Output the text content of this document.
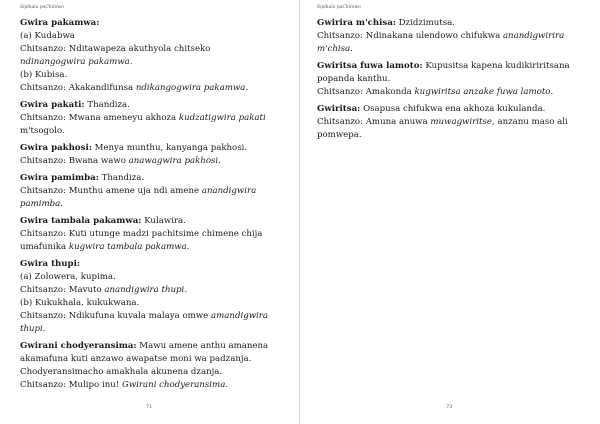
Sipikala paChilowo

Gwira pakamwa:

(a) Kudabwa

Chitsanzo: Nditawapeza akuthyola chitseko

ndinangogwira pakamwa.

(b) Kubisa.

Chitsanzo: Akakandifunsa ndikangogwira pakamwa.

Gwira pakati: Thandiza.

Chitsanzo: Mwana ameneyu akhoza kudzatigwira pakati

m'tsogolo.

Gwira pakhosi: Menya munthu, kanyanga pakhosi.

Chitsanzo: Bwana wawo anawagwira pakhosi.

Gwira pamimba: Thandiza.

Chitsanzo: Munthu amene uja ndi amene anandigwira

pamimba.

Gwira tambala pakamwa: Kulawira.

Chitsanzo: Kuti utunge madzi pachitsime chimene chija

umafunika kugwira tambala pakamwa.

Gwira thupi:

(a) Zolowera, kupima.

Chitsanzo: Mavuto anandigwira thupi.

(b) Kukukhala, kukukwana.

Chitsanzo: Ndikufuna kuvala malaya omwe amandigwira

thupi.

Gwirani chodyeransima: Mawu amene anthu amanena

akamafuna kuti anzawo awapatse moni wa padzanja.

Chodyeransimacho amakhala akunena dzanja.

Chitsanzo: Mulipo inu! Gwirani chodyeransima.

71
Sipikala paChilowo

Gwirira m'chisa: Dzidzimutsa.

Chitsanzo: Ndinakana ulendowo chifukwa anandigwirira

m'chisa.

Gwiritsa fuwa lamoto: Kupusitsa kapena kudikiriritsana

popanda kanthu.

Chitsanzo: Amakonda kugwiritsa anzake fuwa lamoto.

Gwiritsa: Osapusa chifukwa ena akhoza kukulanda.

Chitsanzo: Amuna anuwa muwagwiritse, anzanu maso ali

pomwepa.

73
